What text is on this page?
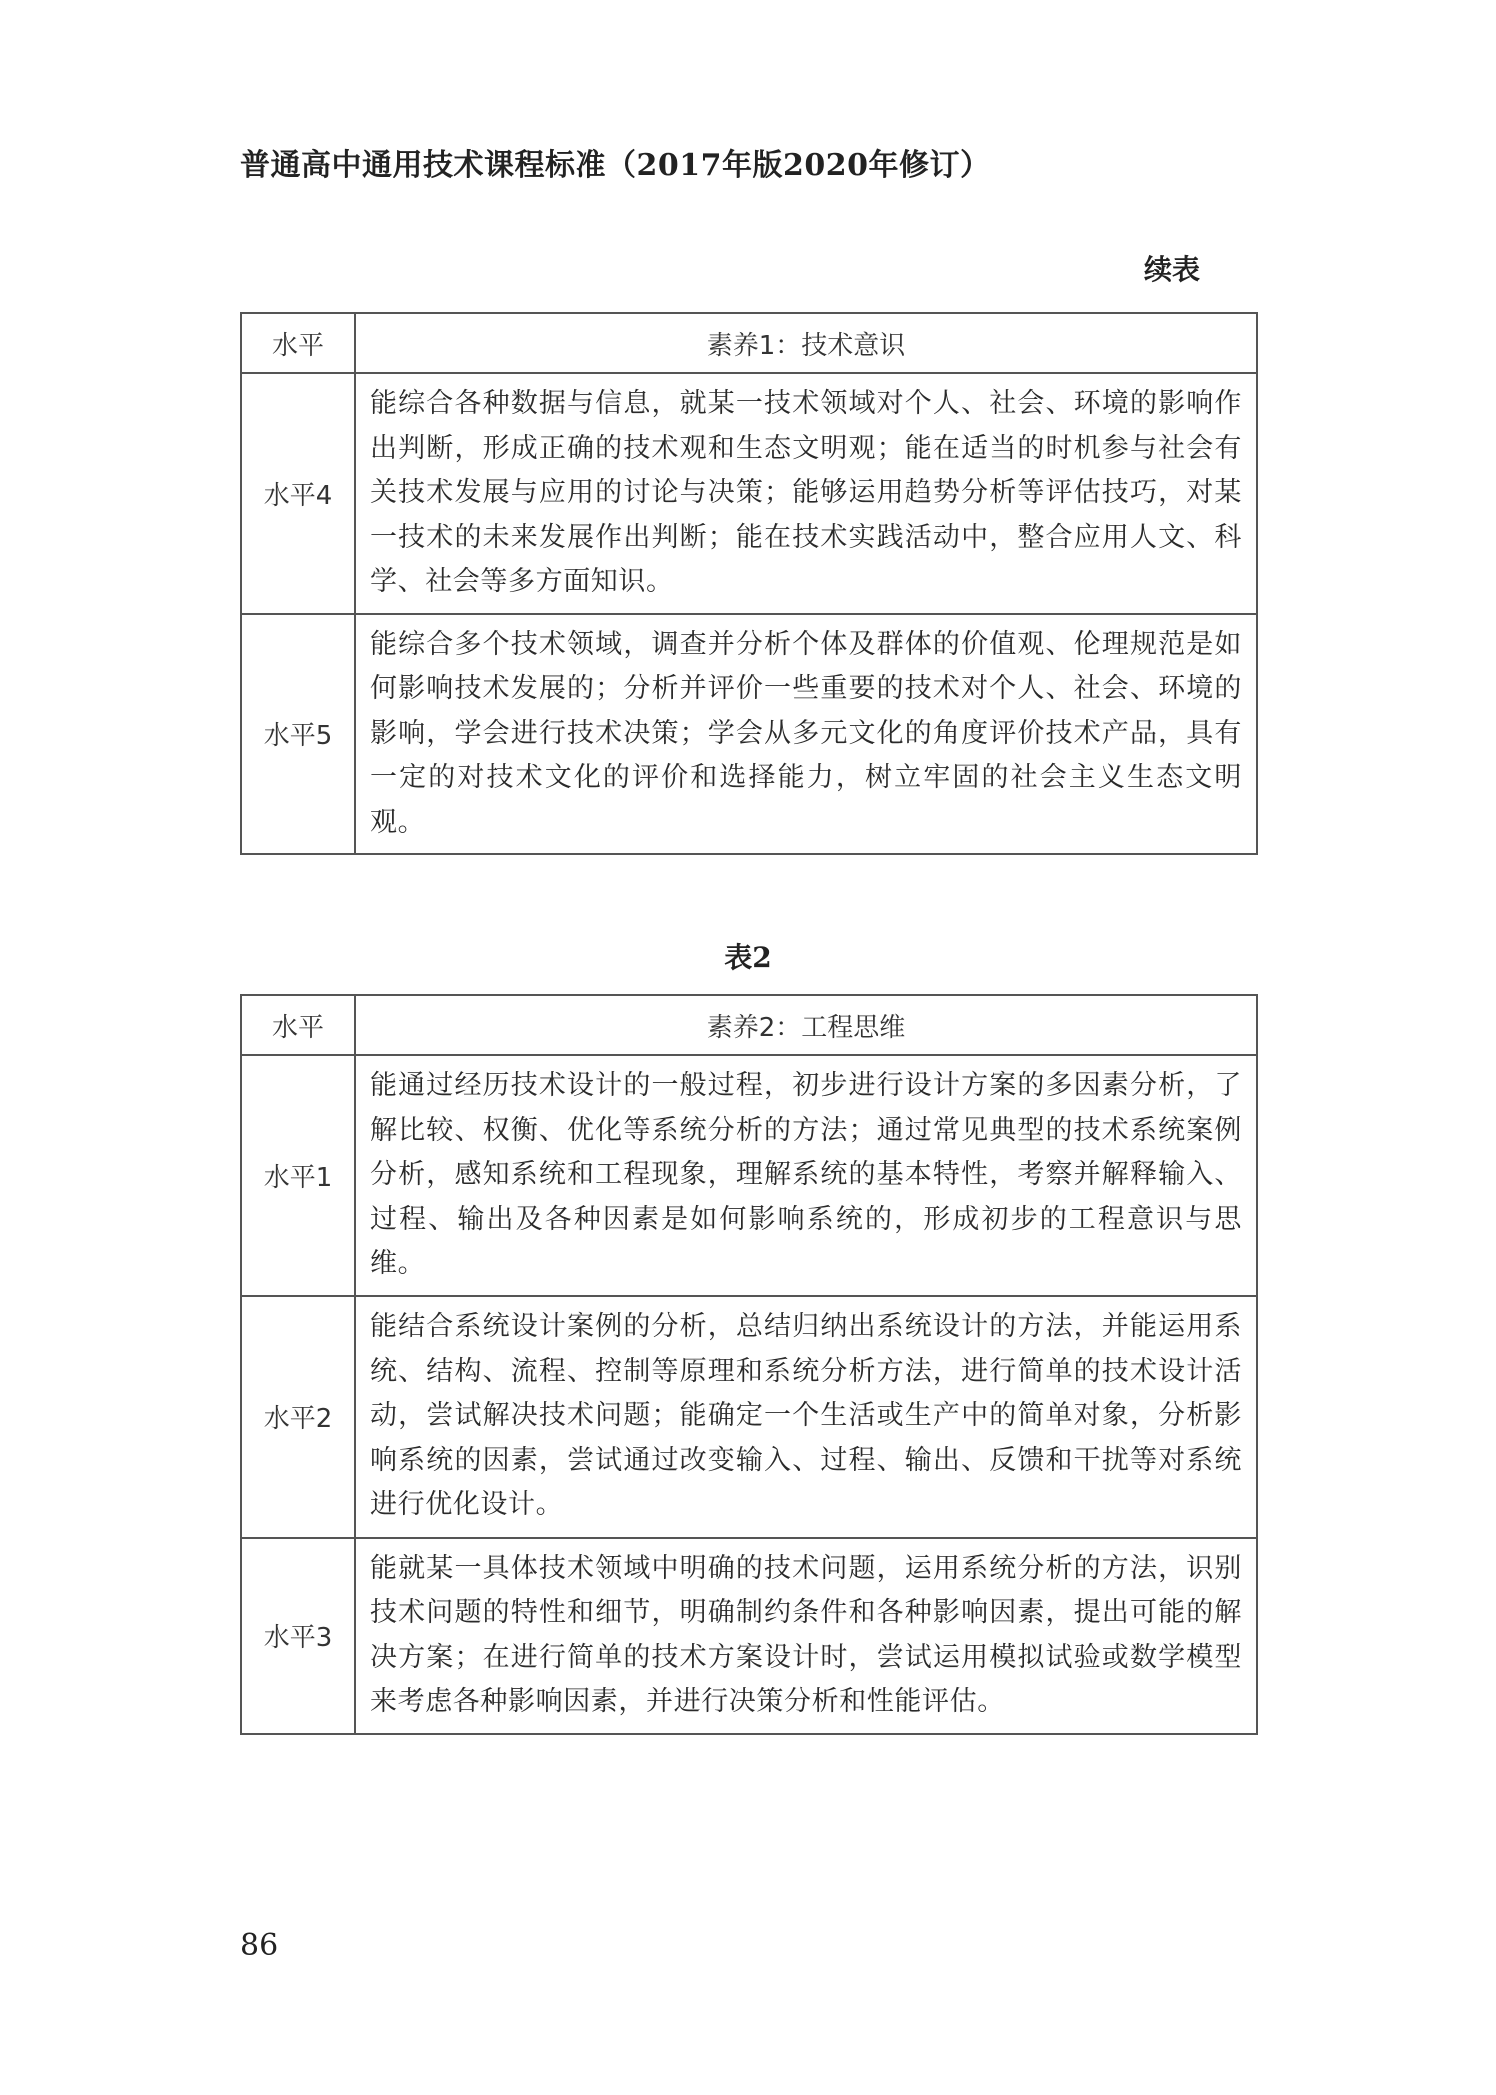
普通高中通用技术课程标准（2017年版2020年修订）
续表
水平	素养1：技术意识
水平4	能综合各种数据与信息，就某一技术领域对个人、社会、环境的影响作出判断，形成正确的技术观和生态文明观；能在适当的时机参与社会有关技术发展与应用的讨论与决策；能够运用趋势分析等评估技巧，对某一技术的未来发展作出判断；能在技术实践活动中，整合应用人文、科学、社会等多方面知识。
水平5	能综合多个技术领域，调查并分析个体及群体的价值观、伦理规范是如何影响技术发展的；分析并评价一些重要的技术对个人、社会、环境的影响，学会进行技术决策；学会从多元文化的角度评价技术产品，具有一定的对技术文化的评价和选择能力，树立牢固的社会主义生态文明观。
表2
水平	素养2：工程思维
水平1	能通过经历技术设计的一般过程，初步进行设计方案的多因素分析，了解比较、权衡、优化等系统分析的方法；通过常见典型的技术系统案例分析，感知系统和工程现象，理解系统的基本特性，考察并解释输入、过程、输出及各种因素是如何影响系统的，形成初步的工程意识与思维。
水平2	能结合系统设计案例的分析，总结归纳出系统设计的方法，并能运用系统、结构、流程、控制等原理和系统分析方法，进行简单的技术设计活动，尝试解决技术问题；能确定一个生活或生产中的简单对象，分析影响系统的因素，尝试通过改变输入、过程、输出、反馈和干扰等对系统进行优化设计。
水平3	能就某一具体技术领域中明确的技术问题，运用系统分析的方法，识别技术问题的特性和细节，明确制约条件和各种影响因素，提出可能的解决方案；在进行简单的技术方案设计时，尝试运用模拟试验或数学模型来考虑各种影响因素，并进行决策分析和性能评估。
86
